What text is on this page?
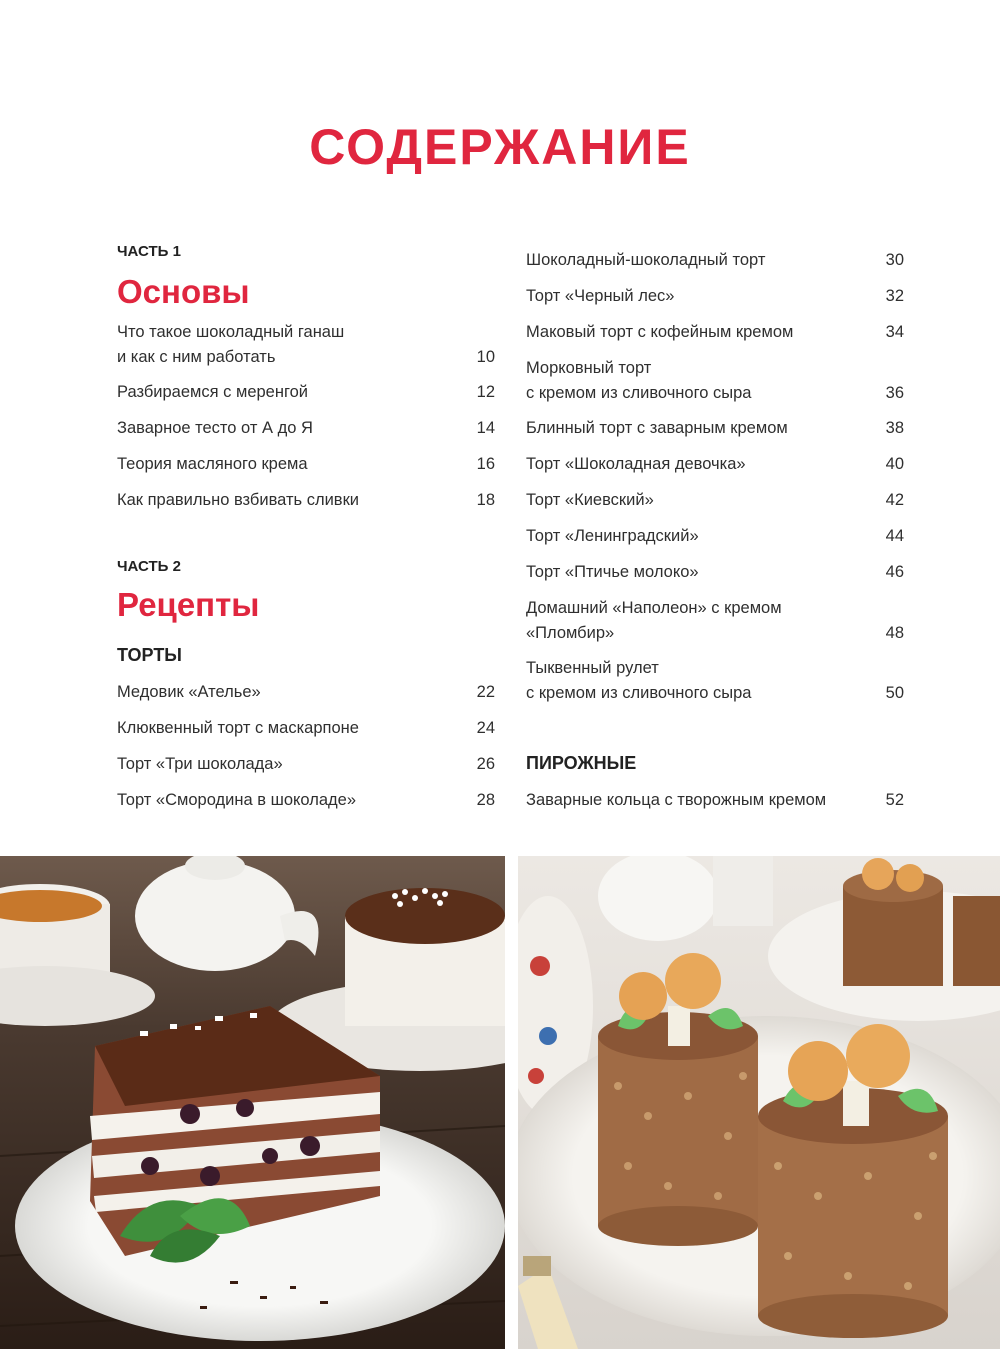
СОДЕРЖАНИЕ
ЧАСТЬ 1
Основы
Что такое шоколадный ганаш
и как с ним работать	10
Разбираемся с меренгой	12
Заварное тесто от А до Я	14
Теория масляного крема	16
Как правильно взбивать сливки	18
ЧАСТЬ 2
Рецепты
ТОРТЫ
Медовик «Ателье»	22
Клюквенный торт с маскарпоне	24
Торт «Три шоколада»	26
Торт «Смородина в шоколаде»	28
Шоколадный-шоколадный торт	30
Торт «Черный лес»	32
Маковый торт с кофейным кремом	34
Морковный торт
с кремом из сливочного сыра	36
Блинный торт с заварным кремом	38
Торт «Шоколадная девочка»	40
Торт «Киевский»	42
Торт «Ленинградский»	44
Торт «Птичье молоко»	46
Домашний «Наполеон» с кремом
«Пломбир»	48
Тыквенный рулет
с кремом из сливочного сыра	50
ПИРОЖНЫЕ
Заварные кольца с творожным кремом	52
